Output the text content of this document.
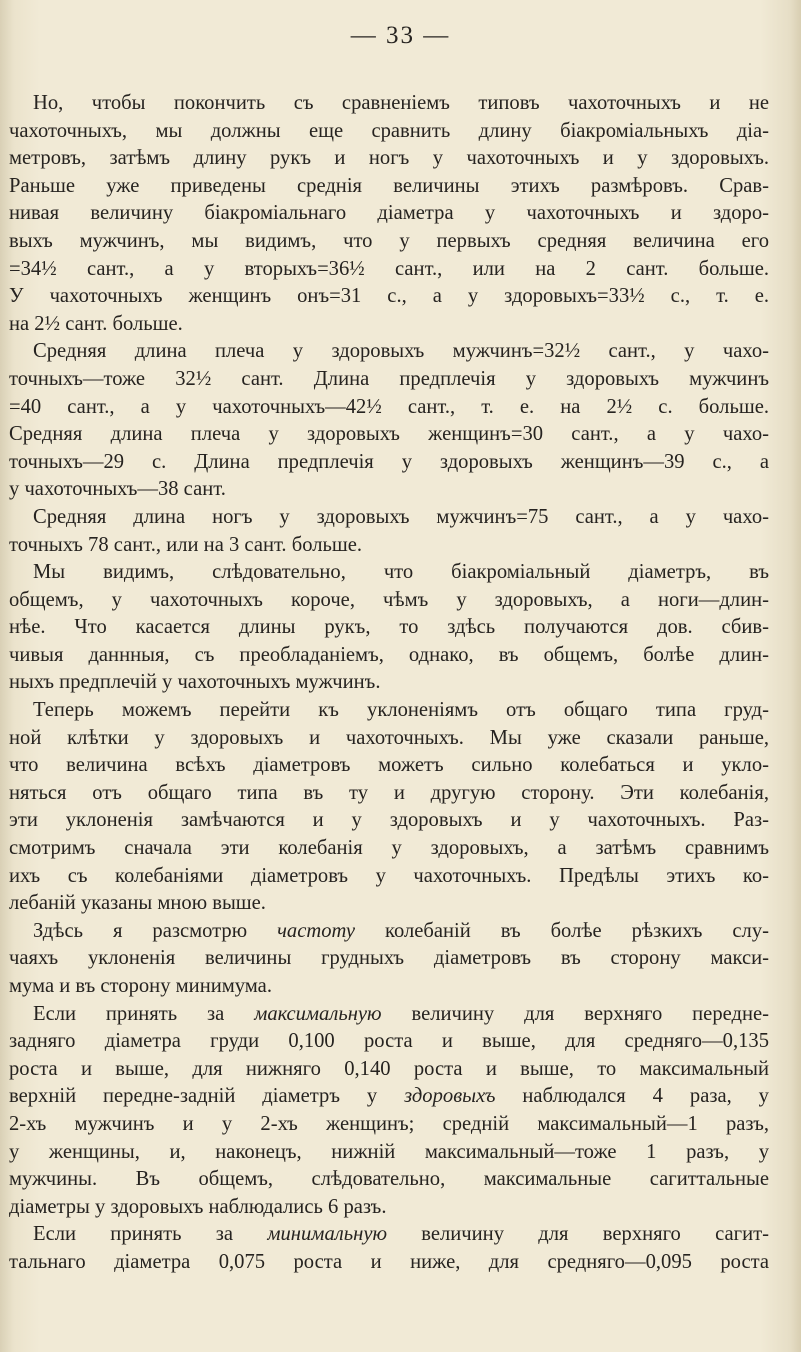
— 33 —

Но, чтобы покончить съ сравненіемъ типовъ чахоточныхъ и не

чахоточныхъ, мы должны еще сравнить длину біакроміальныхъ діа-

метровъ, затѣмъ длину рукъ и ногъ у чахоточныхъ и у здоровыхъ.

Раньше уже приведены среднія величины этихъ размѣровъ. Срав-

нивая величину біакроміальнаго діаметра у чахоточныхъ и здоро-

выхъ мужчинъ, мы видимъ, что у первыхъ средняя величина его

=34½ сант., а у вторыхъ=36½ сант., или на 2 сант. больше.

У чахоточныхъ женщинъ онъ=31 с., а у здоровыхъ=33½ с., т. е.

на 2½ сант. больше.

Средняя длина плеча у здоровыхъ мужчинъ=32½ сант., у чахо-

точныхъ—тоже 32½ сант. Длина предплечія у здоровыхъ мужчинъ

=40 сант., а у чахоточныхъ—42½ сант., т. е. на 2½ с. больше.

Средняя длина плеча у здоровыхъ женщинъ=30 сант., а у чахо-

точныхъ—29 с. Длина предплечія у здоровыхъ женщинъ—39 с., а

у чахоточныхъ—38 сант.

Средняя длина ногъ у здоровыхъ мужчинъ=75 сант., а у чахо-

точныхъ 78 сант., или на 3 сант. больше.

Мы видимъ, слѣдовательно, что біакроміальный діаметръ, въ

общемъ, у чахоточныхъ короче, чѣмъ у здоровыхъ, а ноги—длин-

нѣе. Что касается длины рукъ, то здѣсь получаются дов. сбив-

чивыя даннныя, съ преобладаніемъ, однако, въ общемъ, болѣе длин-

ныхъ предплечій у чахоточныхъ мужчинъ.

Теперь можемъ перейти къ уклоненіямъ отъ общаго типа груд-

ной клѣтки у здоровыхъ и чахоточныхъ. Мы уже сказали раньше,

что величина всѣхъ діаметровъ можетъ сильно колебаться и укло-

няться отъ общаго типа въ ту и другую сторону. Эти колебанія,

эти уклоненія замѣчаются и у здоровыхъ и у чахоточныхъ. Раз-

смотримъ сначала эти колебанія у здоровыхъ, а затѣмъ сравнимъ

ихъ съ колебаніями діаметровъ у чахоточныхъ. Предѣлы этихъ ко-

лебаній указаны мною выше.

Здѣсь я разсмотрю частоту колебаній въ болѣе рѣзкихъ слу-

чаяхъ уклоненія величины грудныхъ діаметровъ въ сторону макси-

мума и въ сторону минимума.

Если принять за максимальную величину для верхняго передне-

задняго діаметра груди 0,100 роста и выше, для средняго—0,135

роста и выше, для нижняго 0,140 роста и выше, то максимальный

верхній передне-задній діаметръ у здоровыхъ наблюдался 4 раза, у

2-хъ мужчинъ и у 2-хъ женщинъ; средній максимальный—1 разъ,

у женщины, и, наконецъ, нижній максимальный—тоже 1 разъ, у

мужчины. Въ общемъ, слѣдовательно, максимальные сагиттальные

діаметры у здоровыхъ наблюдались 6 разъ.

Если принять за минимальную величину для верхняго сагит-

тальнаго діаметра 0,075 роста и ниже, для средняго—0,095 роста
